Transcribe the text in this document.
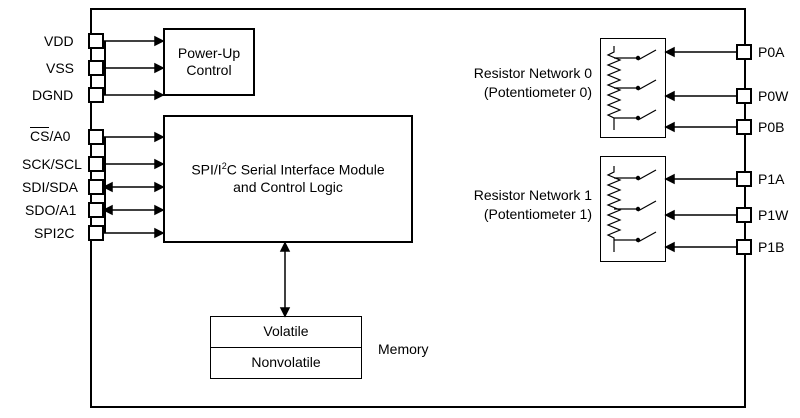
VDD
VSS
DGND
CS/A0
SCK/SCL
SDI/SDA
SDO/A1
SPI2C
Power-Up
Control
SPI/$I^2C$ Serial Interface Module
and Control Logic
Volatile
Nonvolatile
Memory
Resistor Network 0
(Potentiometer 0)
Resistor Network 1
(Potentiometer 1)
P0A
P0W
P0B
P1A
P1W
P1B
